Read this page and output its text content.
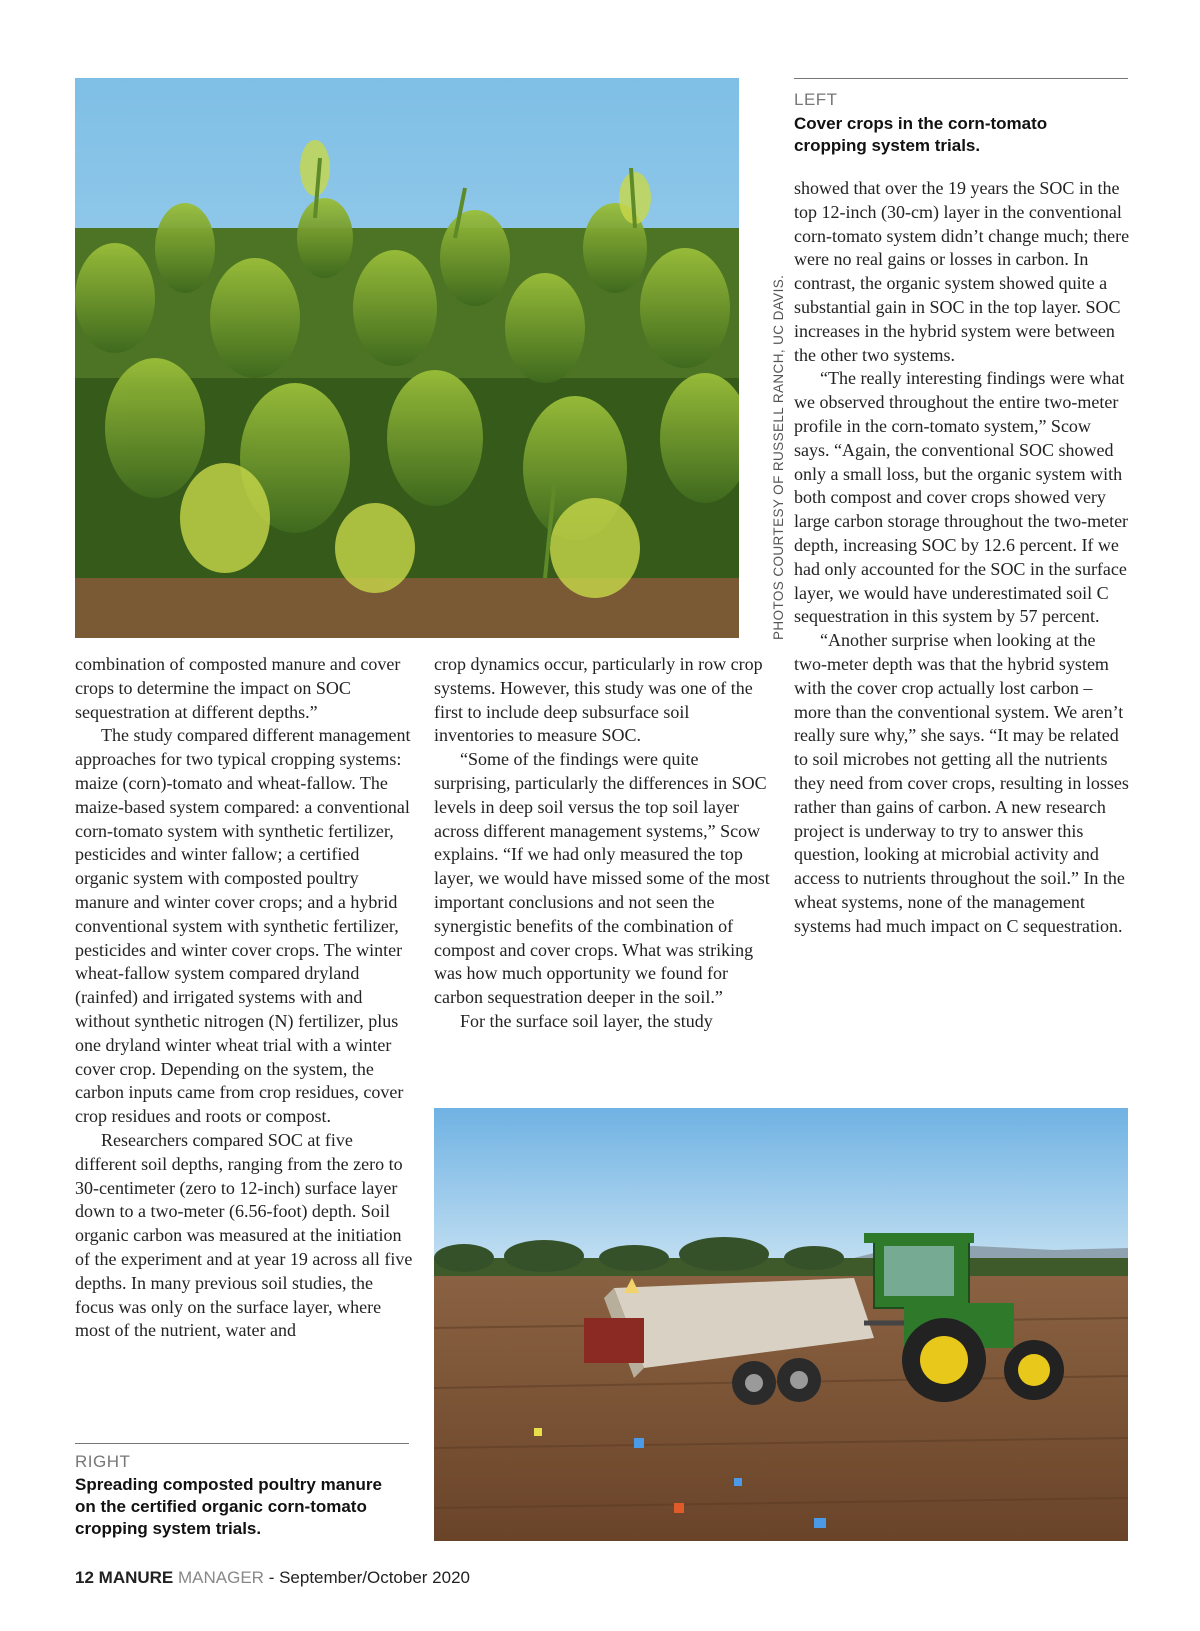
PHOTOS COURTESY OF RUSSELL RANCH, UC DAVIS.
LEFT
Cover crops in the corn-tomato cropping system trials.

combination of composted manure and cover crops to determine the impact on SOC sequestration at different depths.”

The study compared different management approaches for two typical cropping systems: maize (corn)-tomato and wheat-fallow. The maize-based system compared: a conventional corn-tomato system with synthetic fertilizer, pesticides and winter fallow; a certified organic system with composted poultry manure and winter cover crops; and a hybrid conventional system with synthetic fertilizer, pesticides and winter cover crops. The winter wheat-fallow system compared dryland (rainfed) and irrigated systems with and without synthetic nitrogen (N) fertilizer, plus one dryland winter wheat trial with a winter cover crop. Depending on the system, the carbon inputs came from crop residues, cover crop residues and roots or compost.

Researchers compared SOC at five different soil depths, ranging from the zero to 30-centimeter (zero to 12-inch) surface layer down to a two-meter (6.56-foot) depth. Soil organic carbon was measured at the initiation of the experiment and at year 19 across all five depths. In many previous soil studies, the focus was only on the surface layer, where most of the nutrient, water and

crop dynamics occur, particularly in row crop systems. However, this study was one of the first to include deep subsurface soil inventories to measure SOC.

“Some of the findings were quite surprising, particularly the differences in SOC levels in deep soil versus the top soil layer across different management systems,” Scow explains. “If we had only measured the top layer, we would have missed some of the most important conclusions and not seen the synergistic benefits of the combination of compost and cover crops. What was striking was how much opportunity we found for carbon sequestration deeper in the soil.”

For the surface soil layer, the study

showed that over the 19 years the SOC in the top 12-inch (30-cm) layer in the conventional corn-tomato system didn’t change much; there were no real gains or losses in carbon. In contrast, the organic system showed quite a substantial gain in SOC in the top layer. SOC increases in the hybrid system were between the other two systems.

“The really interesting findings were what we observed throughout the entire two-meter profile in the corn-tomato system,” Scow says. “Again, the conventional SOC showed only a small loss, but the organic system with both compost and cover crops showed very large carbon storage throughout the two-meter depth, increasing SOC by 12.6 percent. If we had only accounted for the SOC in the surface layer, we would have underestimated soil C sequestration in this system by 57 percent.

“Another surprise when looking at the two-meter depth was that the hybrid system with the cover crop actually lost carbon – more than the conventional system. We aren’t really sure why,” she says. “It may be related to soil microbes not getting all the nutrients they need from cover crops, resulting in losses rather than gains of carbon. A new research project is underway to try to answer this question, looking at microbial activity and access to nutrients throughout the soil.” In the wheat systems, none of the management systems had much impact on C sequestration.

RIGHT
Spreading composted poultry manure on the certified organic corn-tomato cropping system trials.
12 MANURE MANAGER - September/October 2020
